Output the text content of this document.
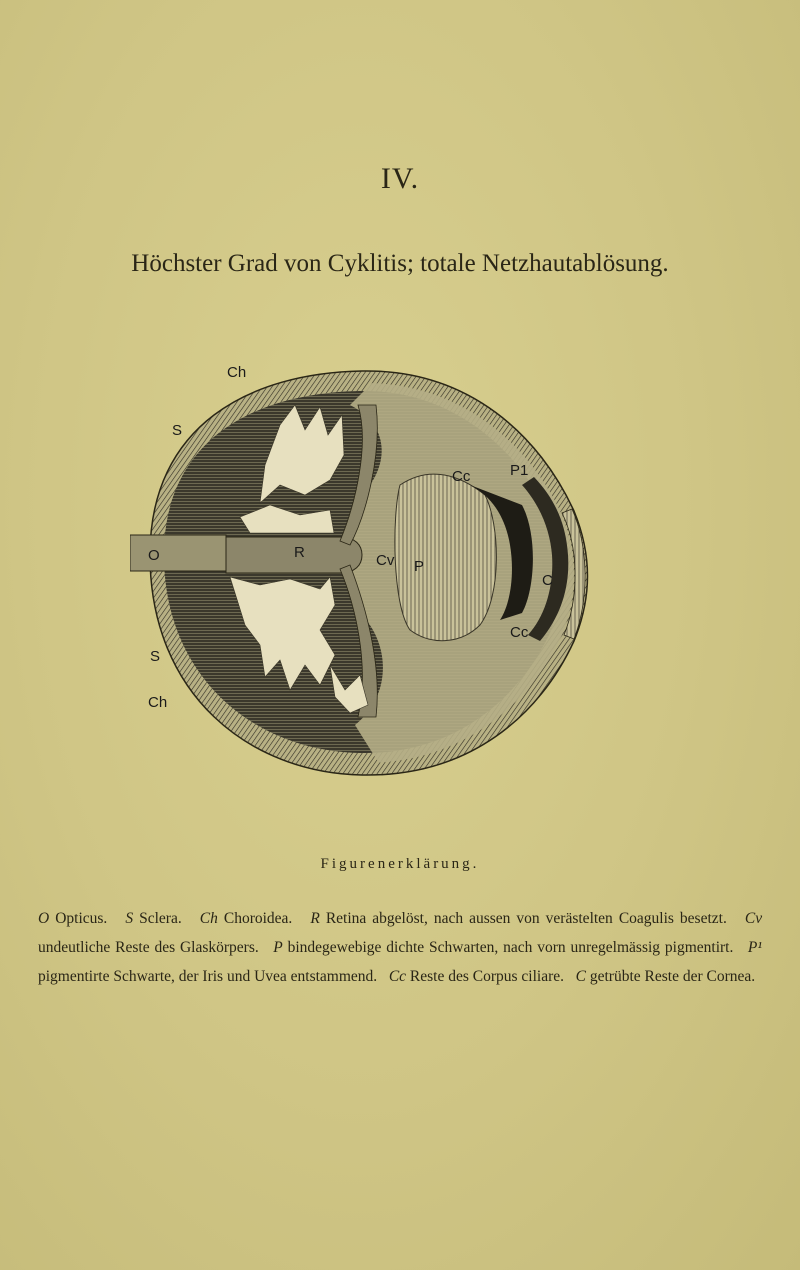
IV.
Höchster Grad von Cyklitis; totale Netzhautablösung.
Ch
S
O	R	Cv P
P1
Cc
C
Cc
S
Ch
Figurenerklärung.

O Opticus. S Sclera. Ch Choroidea. R Retina abgelöst, nach aussen von verästelten Coagulis besetzt. Cv undeutliche Reste des Glaskörpers. P bindegewebige dichte Schwarten, nach vorn unregelmässig pigmentirt. P¹ pigmentirte Schwarte, der Iris und Uvea entstammend. Cc Reste des Corpus ciliare. C getrübte Reste der Cornea.
